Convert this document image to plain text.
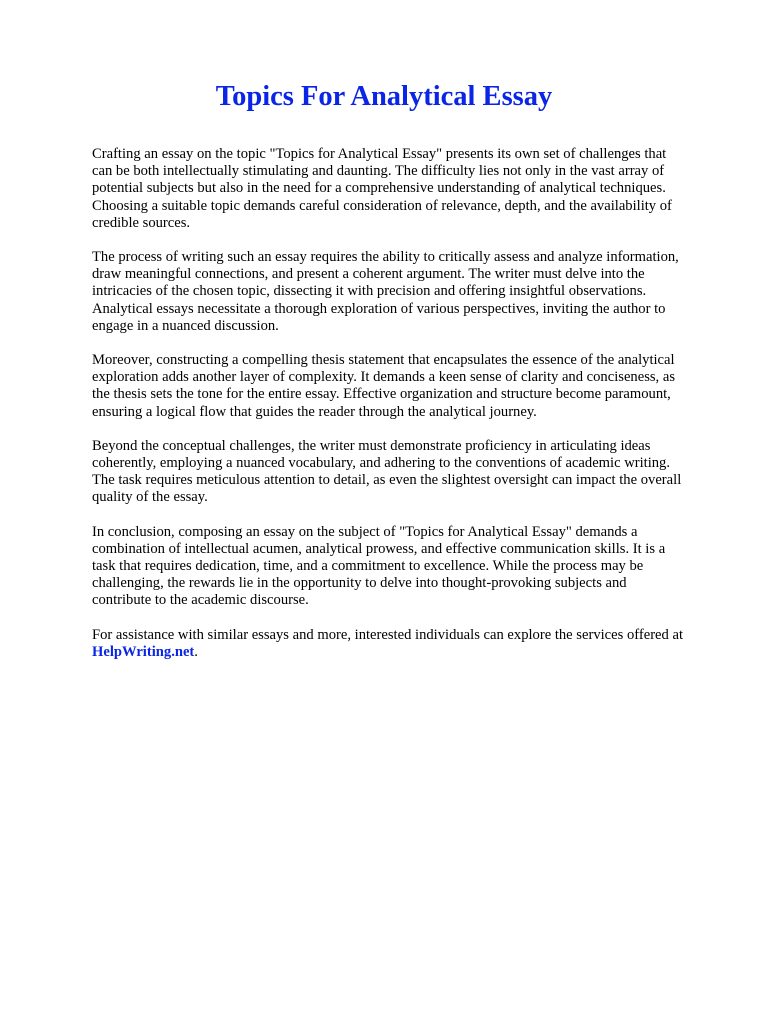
Topics For Analytical Essay

Crafting an essay on the topic "Topics for Analytical Essay" presents its own set of challenges that
can be both intellectually stimulating and daunting. The difficulty lies not only in the vast array of
potential subjects but also in the need for a comprehensive understanding of analytical techniques.
Choosing a suitable topic demands careful consideration of relevance, depth, and the availability of
credible sources.

The process of writing such an essay requires the ability to critically assess and analyze information,
draw meaningful connections, and present a coherent argument. The writer must delve into the
intricacies of the chosen topic, dissecting it with precision and offering insightful observations.
Analytical essays necessitate a thorough exploration of various perspectives, inviting the author to
engage in a nuanced discussion.

Moreover, constructing a compelling thesis statement that encapsulates the essence of the analytical
exploration adds another layer of complexity. It demands a keen sense of clarity and conciseness, as
the thesis sets the tone for the entire essay. Effective organization and structure become paramount,
ensuring a logical flow that guides the reader through the analytical journey.

Beyond the conceptual challenges, the writer must demonstrate proficiency in articulating ideas
coherently, employing a nuanced vocabulary, and adhering to the conventions of academic writing.
The task requires meticulous attention to detail, as even the slightest oversight can impact the overall
quality of the essay.

In conclusion, composing an essay on the subject of "Topics for Analytical Essay" demands a
combination of intellectual acumen, analytical prowess, and effective communication skills. It is a
task that requires dedication, time, and a commitment to excellence. While the process may be
challenging, the rewards lie in the opportunity to delve into thought-provoking subjects and
contribute to the academic discourse.

For assistance with similar essays and more, interested individuals can explore the services offered at
HelpWriting.net.
